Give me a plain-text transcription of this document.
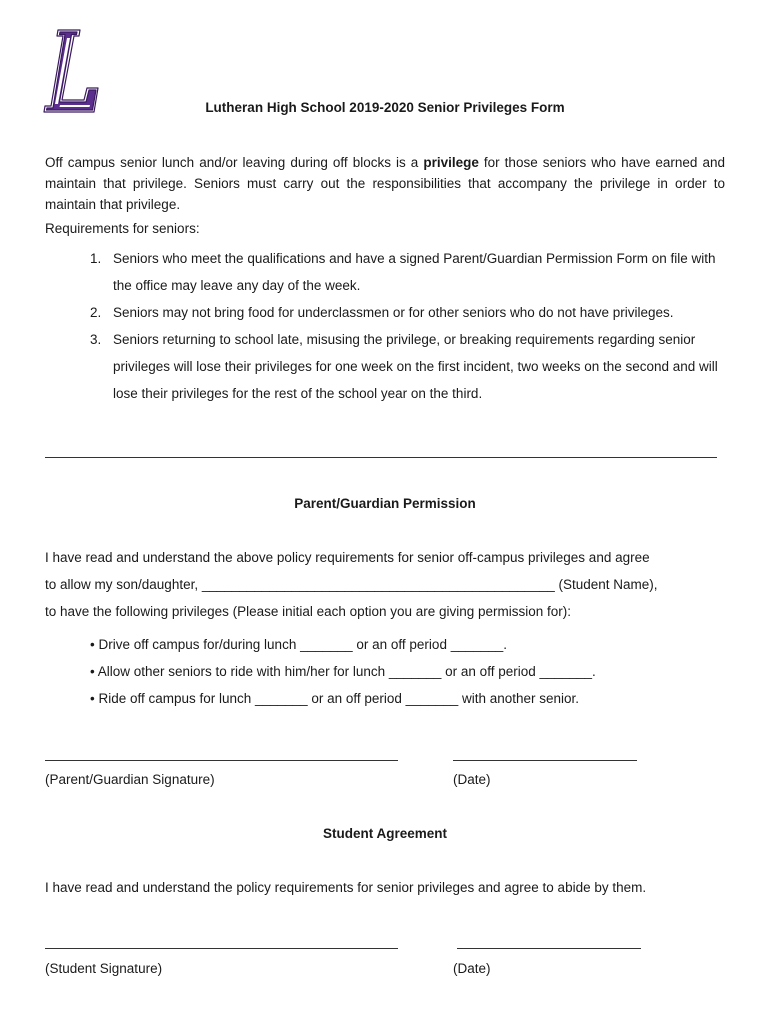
Lutheran High School 2019-2020 Senior Privileges Form

Off campus senior lunch and/or leaving during off blocks is a privilege for those seniors who have earned and maintain that privilege. Seniors must carry out the responsibilities that accompany the privilege in order to maintain that privilege.

Requirements for seniors:
1. Seniors who meet the qualifications and have a signed Parent/Guardian Permission Form on file with the office may leave any day of the week.
2. Seniors may not bring food for underclassmen or for other seniors who do not have privileges.
3. Seniors returning to school late, misusing the privilege, or breaking requirements regarding senior privileges will lose their privileges for one week on the first incident, two weeks on the second and will lose their privileges for the rest of the school year on the third.
Parent/Guardian Permission
I have read and understand the above policy requirements for senior off-campus privileges and agree
to allow my son/daughter, _______________________________________________ (Student Name),
to have the following privileges (Please initial each option you are giving permission for):
• Drive off campus for/during lunch _______ or an off period _______.
• Allow other seniors to ride with him/her for lunch _______ or an off period _______.
• Ride off campus for lunch _______ or an off period _______ with another senior.
(Parent/Guardian Signature)	(Date)
Student Agreement
I have read and understand the policy requirements for senior privileges and agree to abide by them.
(Student Signature)	(Date)
